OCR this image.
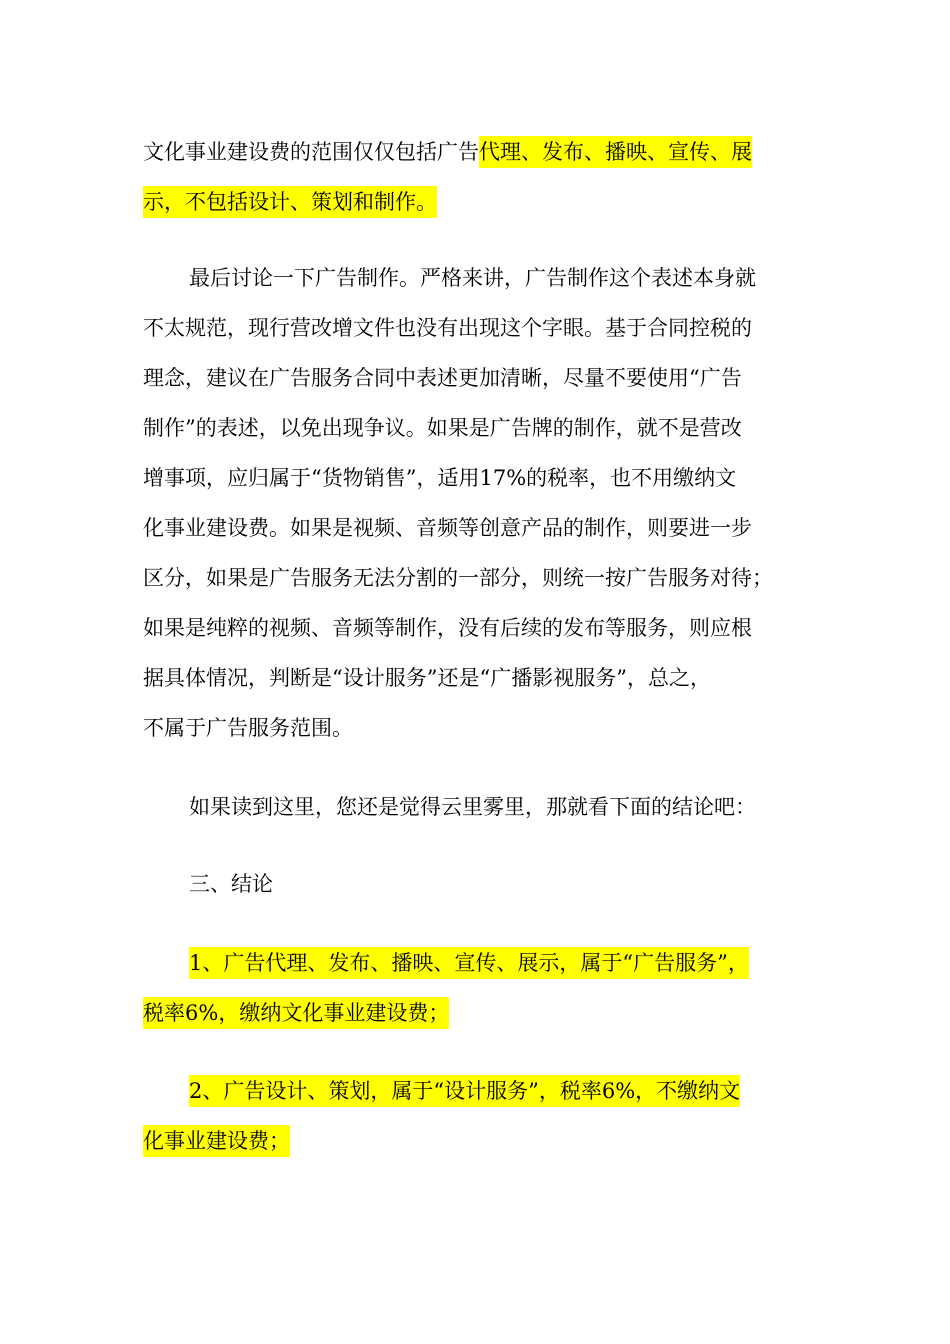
文化事业建设费的范围仅仅包括广告代理、发布、播映、宣传、展
示，不包括设计、策划和制作。
最后讨论一下广告制作。严格来讲，广告制作这个表述本身就
不太规范，现行营改增文件也没有出现这个字眼。基于合同控税的
理念，建议在广告服务合同中表述更加清晰，尽量不要使用“广告
制作”的表述，以免出现争议。如果是广告牌的制作，就不是营改
增事项，应归属于“货物销售”，适用17%的税率，也不用缴纳文
化事业建设费。如果是视频、音频等创意产品的制作，则要进一步
区分，如果是广告服务无法分割的一部分，则统一按广告服务对待；
如果是纯粹的视频、音频等制作，没有后续的发布等服务，则应根
据具体情况，判断是“设计服务”还是“广播影视服务”，总之，
不属于广告服务范围。
如果读到这里，您还是觉得云里雾里，那就看下面的结论吧：
三、结论
1、广告代理、发布、播映、宣传、展示，属于“广告服务”，
税率6%，缴纳文化事业建设费；
2、广告设计、策划，属于“设计服务”，税率6%，不缴纳文
化事业建设费；
